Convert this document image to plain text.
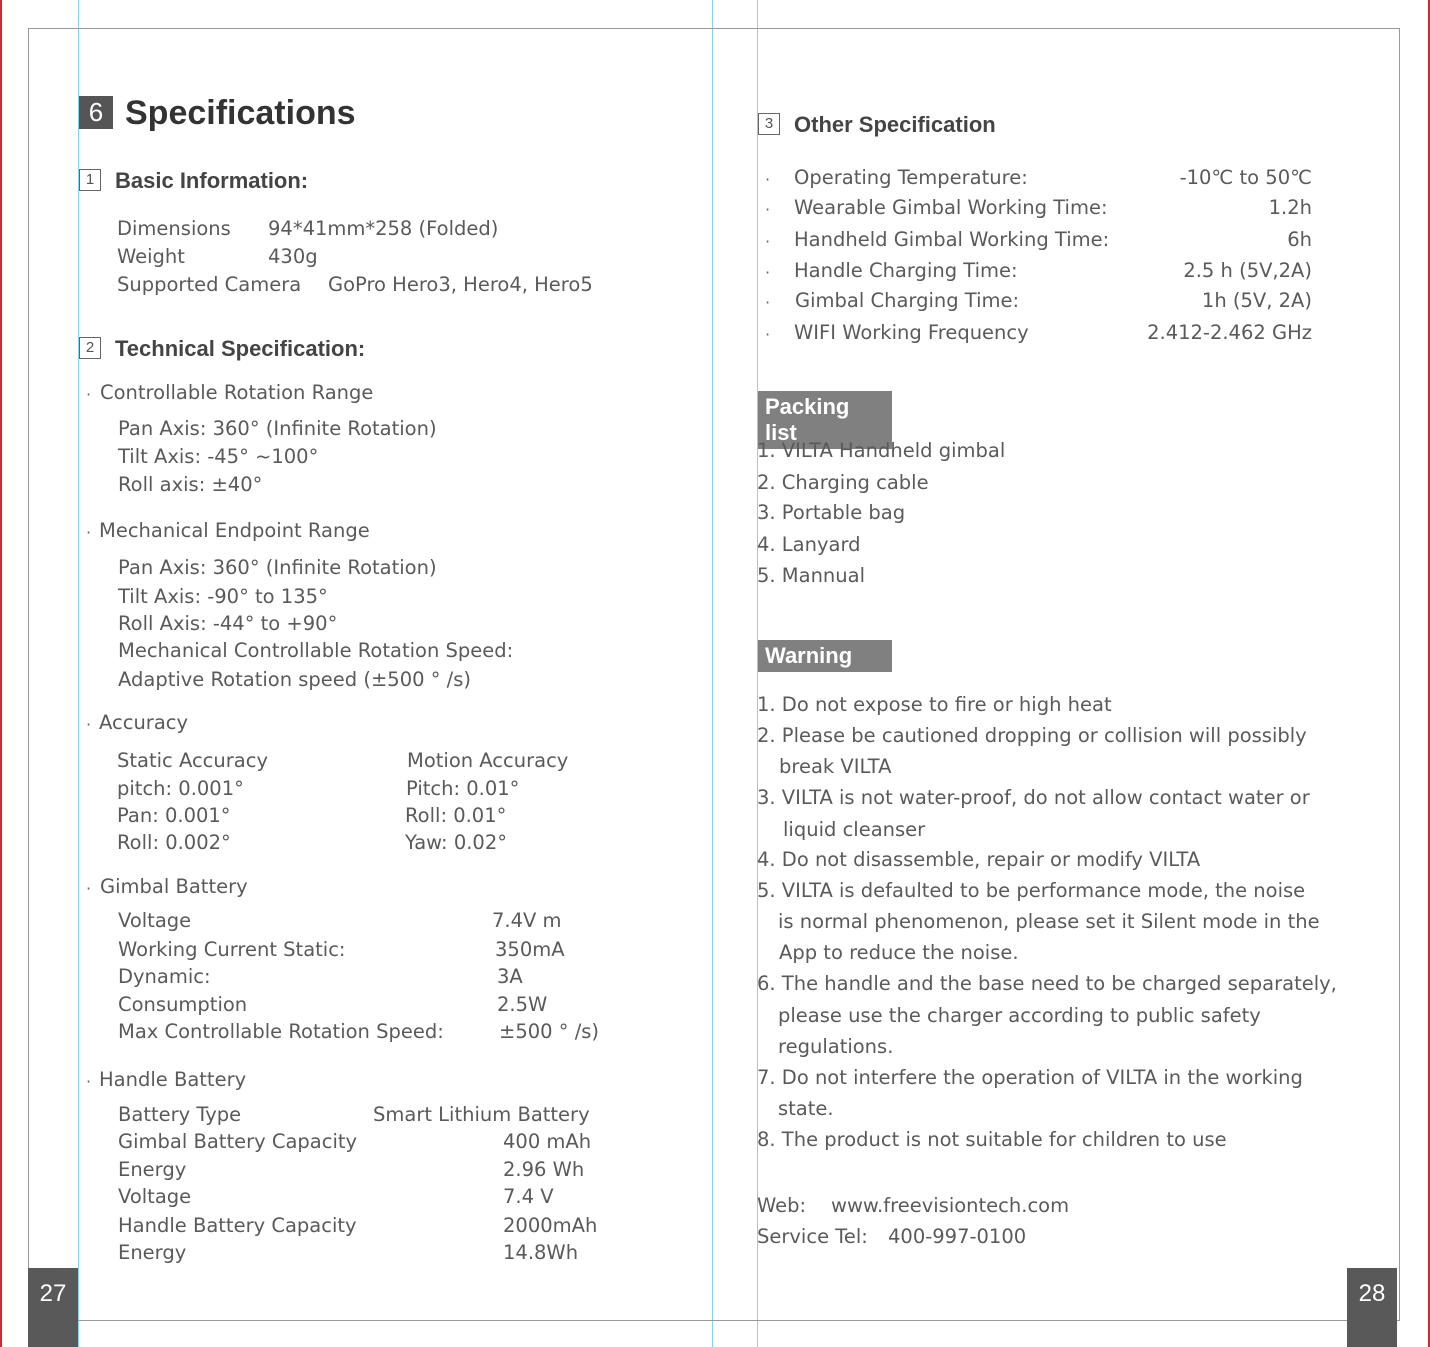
27	28
6 Specifications
1 Basic Information:
Dimensions 94*41mm*258 (Folded)
Weight	430g
Supported Camera GoPro Hero3, Hero4, Hero5
2 Technical Specification:
· Controllable Rotation Range
Pan Axis: 360° (Infinite Rotation)
Tilt Axis: -45° ~100°
Roll axis: ±40°
· Mechanical Endpoint Range
Pan Axis: 360° (Infinite Rotation)
Tilt Axis: -90° to 135°
Roll Axis: -44° to +90°
Mechanical Controllable Rotation Speed:
Adaptive Rotation speed (±500 ° /s)
· Accuracy
Static Accuracy	Motion Accuracy
pitch: 0.001°	Pitch: 0.01°
Pan: 0.001°	Roll: 0.01°
Roll: 0.002°	Yaw: 0.02°
· Gimbal Battery
Voltage	7.4V m
Working Current Static:	350mA
Dynamic:	3A
Consumption	2.5W
Max Controllable Rotation Speed:	±500 ° /s)
· Handle Battery
Battery Type	Smart Lithium Battery
Gimbal Battery Capacity	400 mAh
Energy	2.96 Wh
Voltage	7.4 V
Handle Battery Capacity	2000mAh
Energy	14.8Wh
3 Other Specification
· Operating Temperature:	-10℃ to 50℃
· Wearable Gimbal Working Time:	1.2h
· Handheld Gimbal Working Time:	6h
· Handle Charging Time:	2.5 h (5V,2A)
· Gimbal Charging Time:	1h (5V, 2A)
· WIFI Working Frequency	2.412-2.462 GHz
Packing list
1. VILTA Handheld gimbal
2. Charging cable
3. Portable bag
4. Lanyard
5. Mannual
Warning
1. Do not expose to fire or high heat
2. Please be cautioned dropping or collision will possibly
break VILTA
3. VILTA is not water-proof, do not allow contact water or
liquid cleanser
4. Do not disassemble, repair or modify VILTA
5. VILTA is defaulted to be performance mode, the noise
is normal phenomenon, please set it Silent mode in the
App to reduce the noise.
6. The handle and the base need to be charged separately,
please use the charger according to public safety
regulations.
7. Do not interfere the operation of VILTA in the working
state.
8. The product is not suitable for children to use
Web: www.freevisiontech.com
Service Tel: 400-997-0100
